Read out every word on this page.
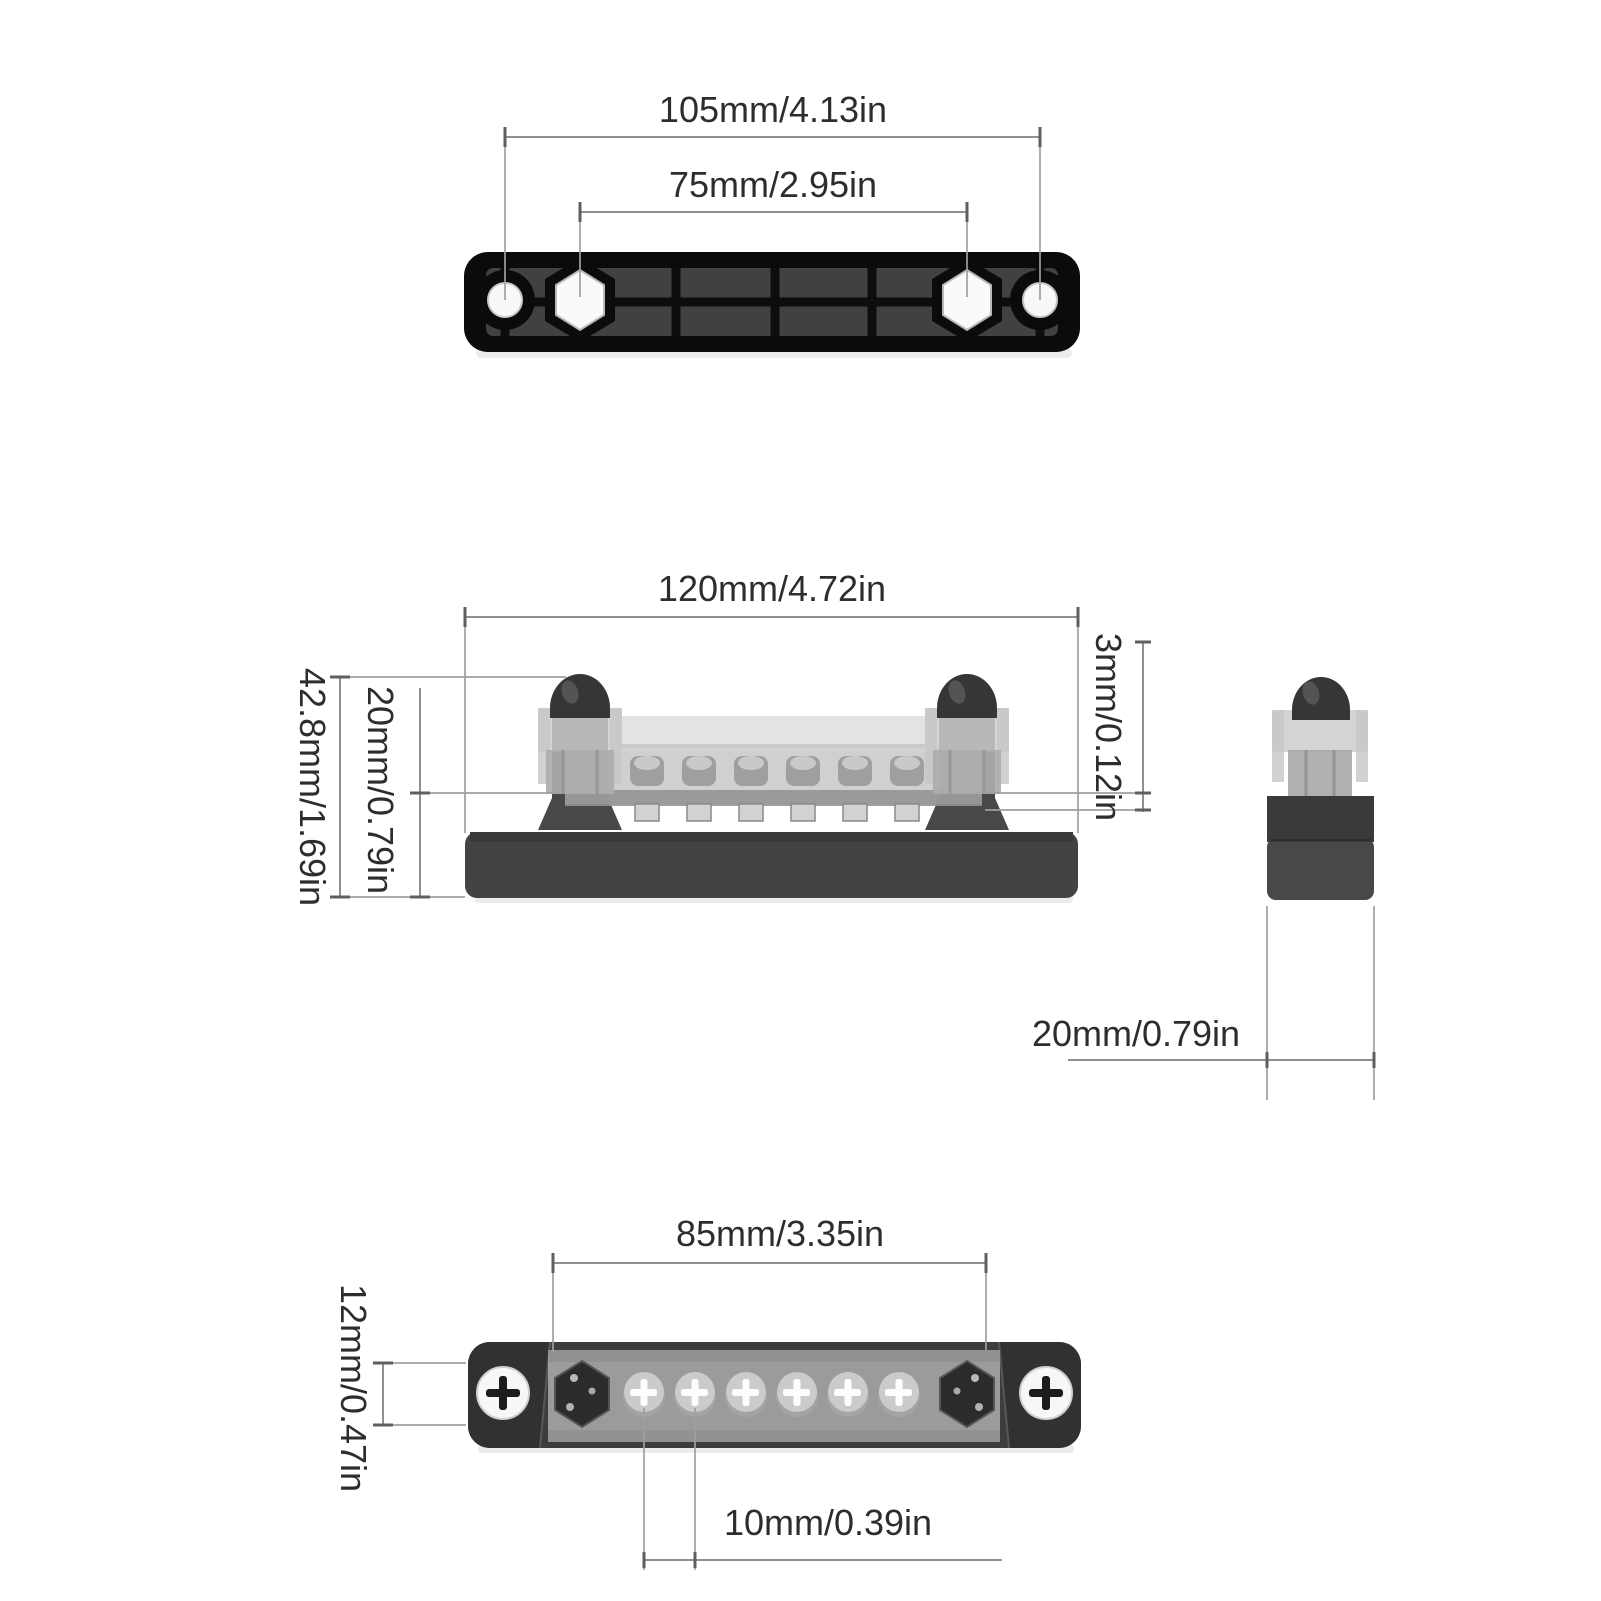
105mm/4.13in
75mm/2.95in
120mm/4.72in
42.8mm/1.69in 20mm/0.79in	3mm/0.12in
20mm/0.79in
85mm/3.35in
12mm/0.47in
10mm/0.39in
